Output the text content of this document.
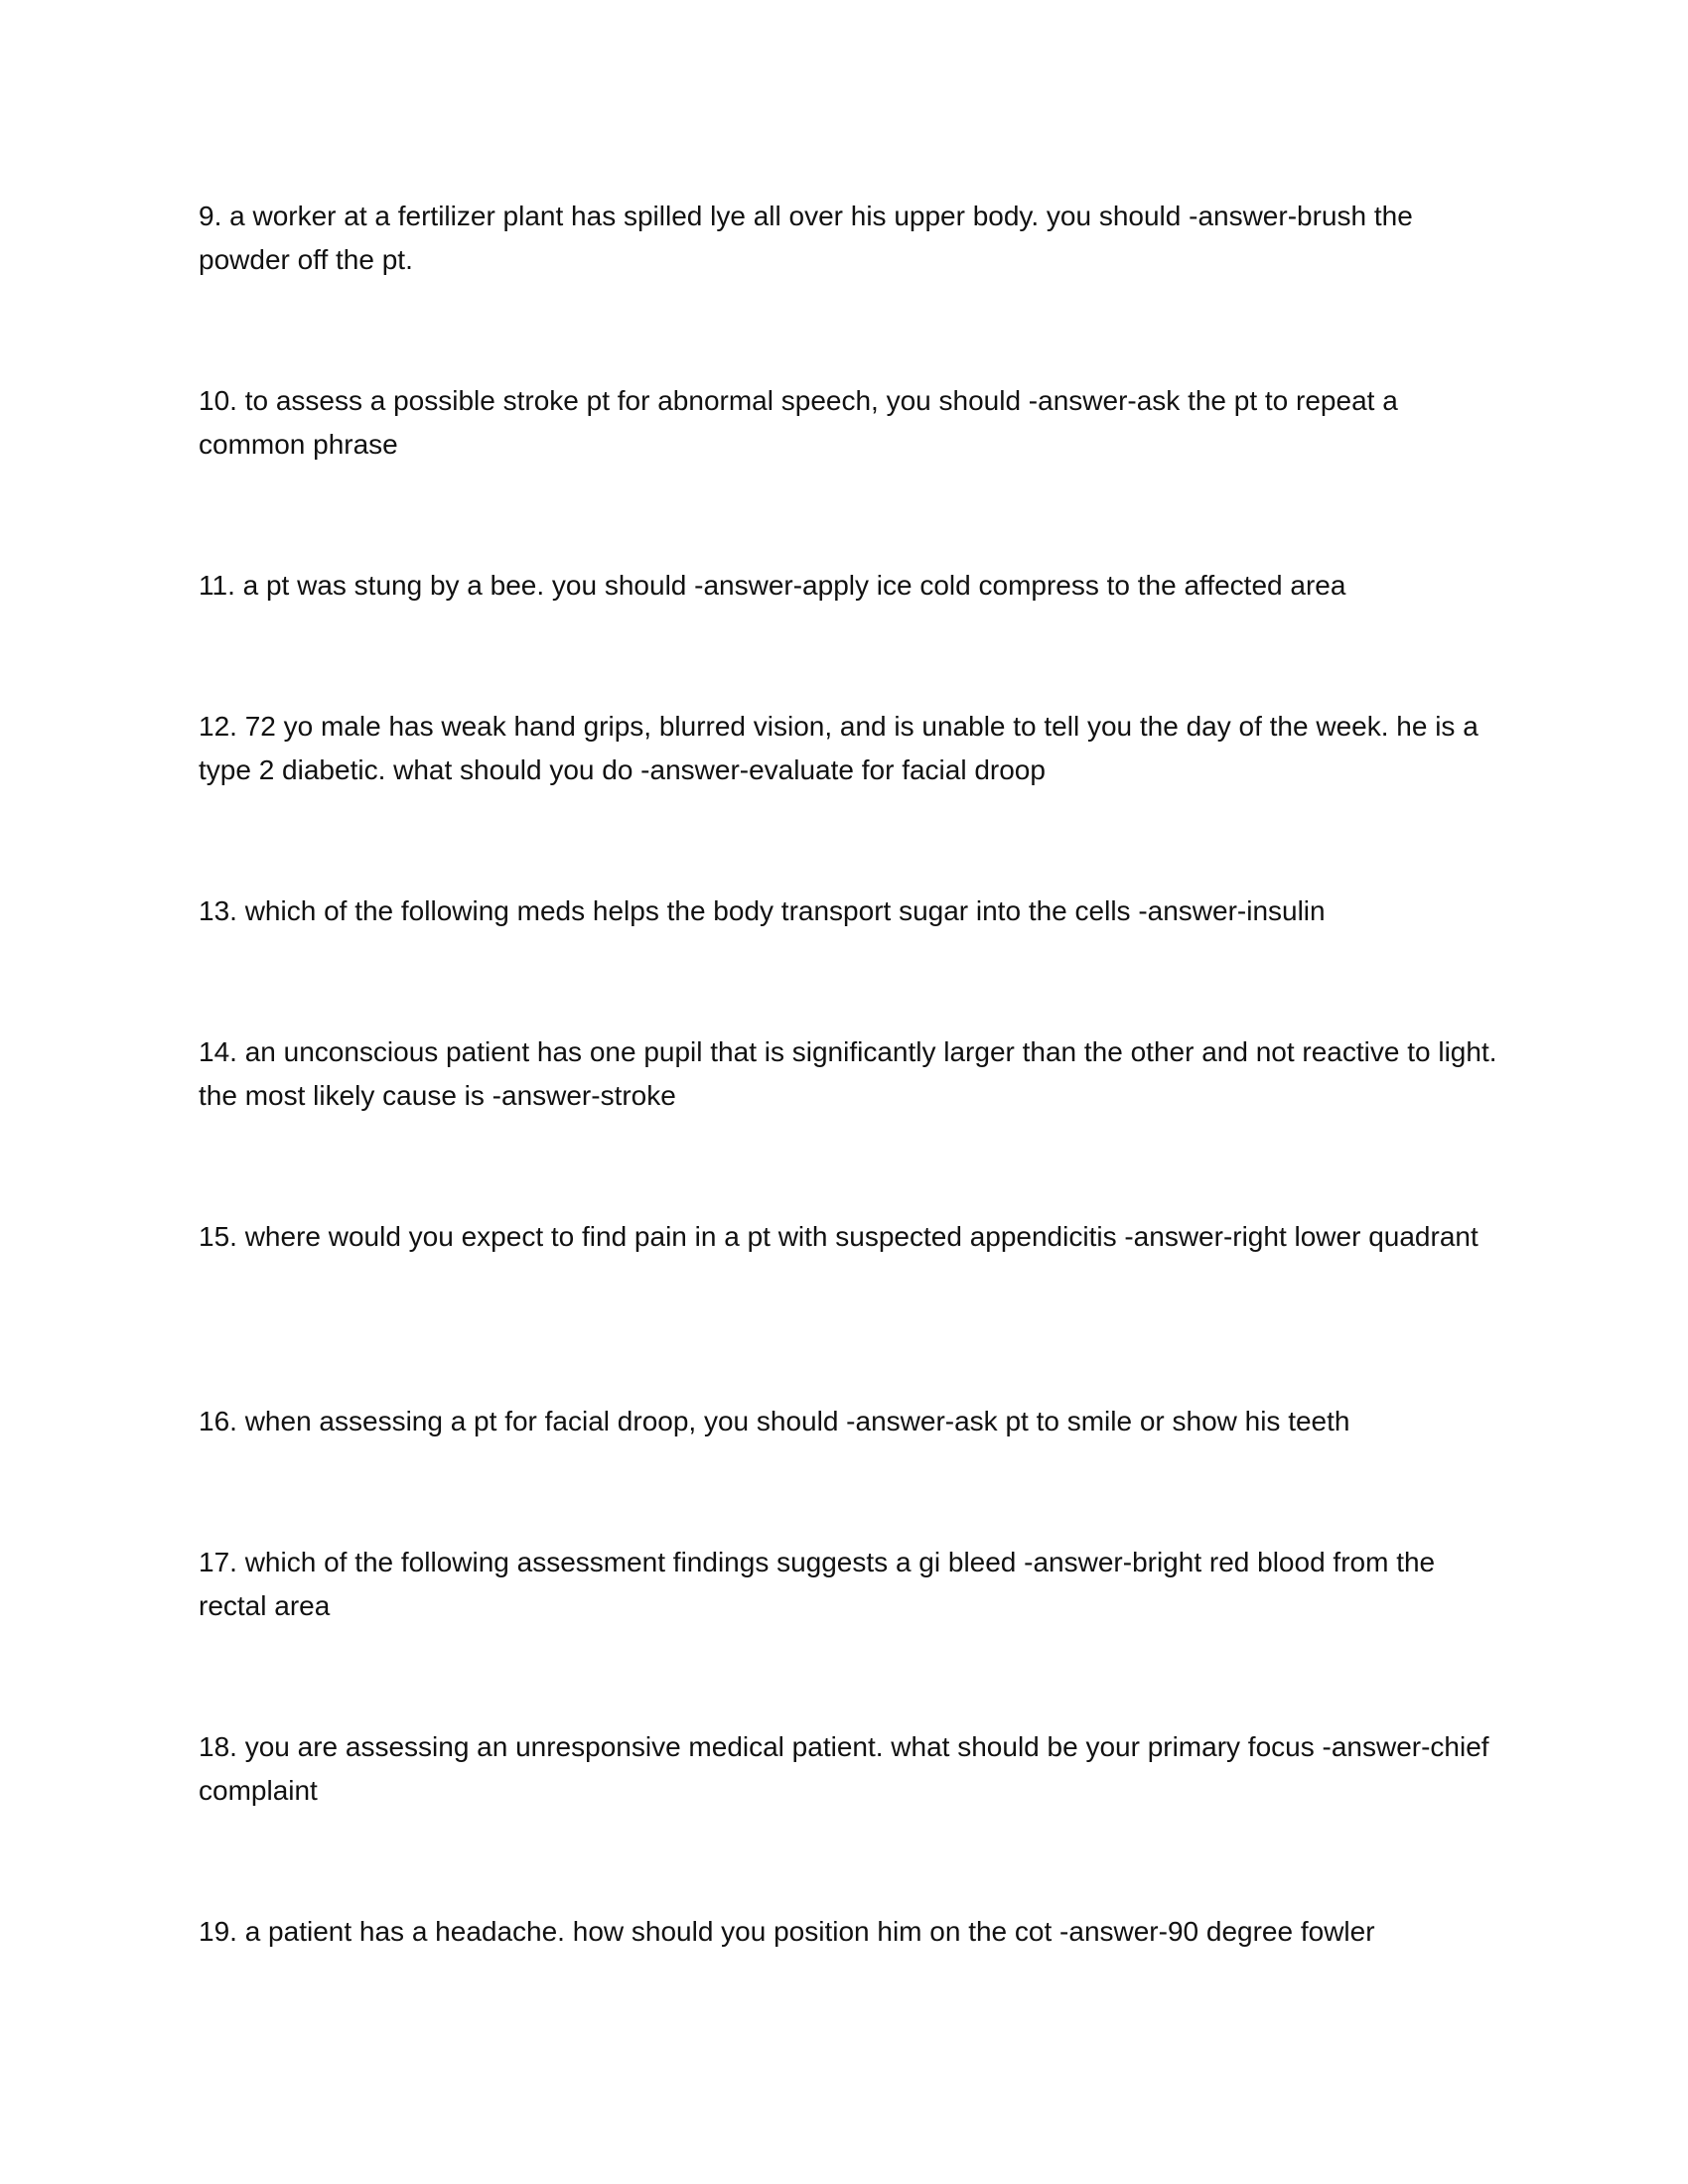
9. a worker at a fertilizer plant has spilled lye all over his upper body. you should -answer-brush the powder off the pt.
10. to assess a possible stroke pt for abnormal speech, you should -answer-ask the pt to repeat a common phrase
11. a pt was stung by a bee. you should -answer-apply ice cold compress to the affected area
12. 72 yo male has weak hand grips, blurred vision, and is unable to tell you the day of the week. he is a type 2 diabetic. what should you do -answer-evaluate for facial droop
13. which of the following meds helps the body transport sugar into the cells -answer-insulin
14. an unconscious patient has one pupil that is significantly larger than the other and not reactive to light. the most likely cause is -answer-stroke
15. where would you expect to find pain in a pt with suspected appendicitis -answer-right lower quadrant
16. when assessing a pt for facial droop, you should -answer-ask pt to smile or show his teeth
17. which of the following assessment findings suggests a gi bleed -answer-bright red blood from the rectal area
18. you are assessing an unresponsive medical patient. what should be your primary focus -answer-chief complaint
19. a patient has a headache. how should you position him on the cot -answer-90 degree fowler
